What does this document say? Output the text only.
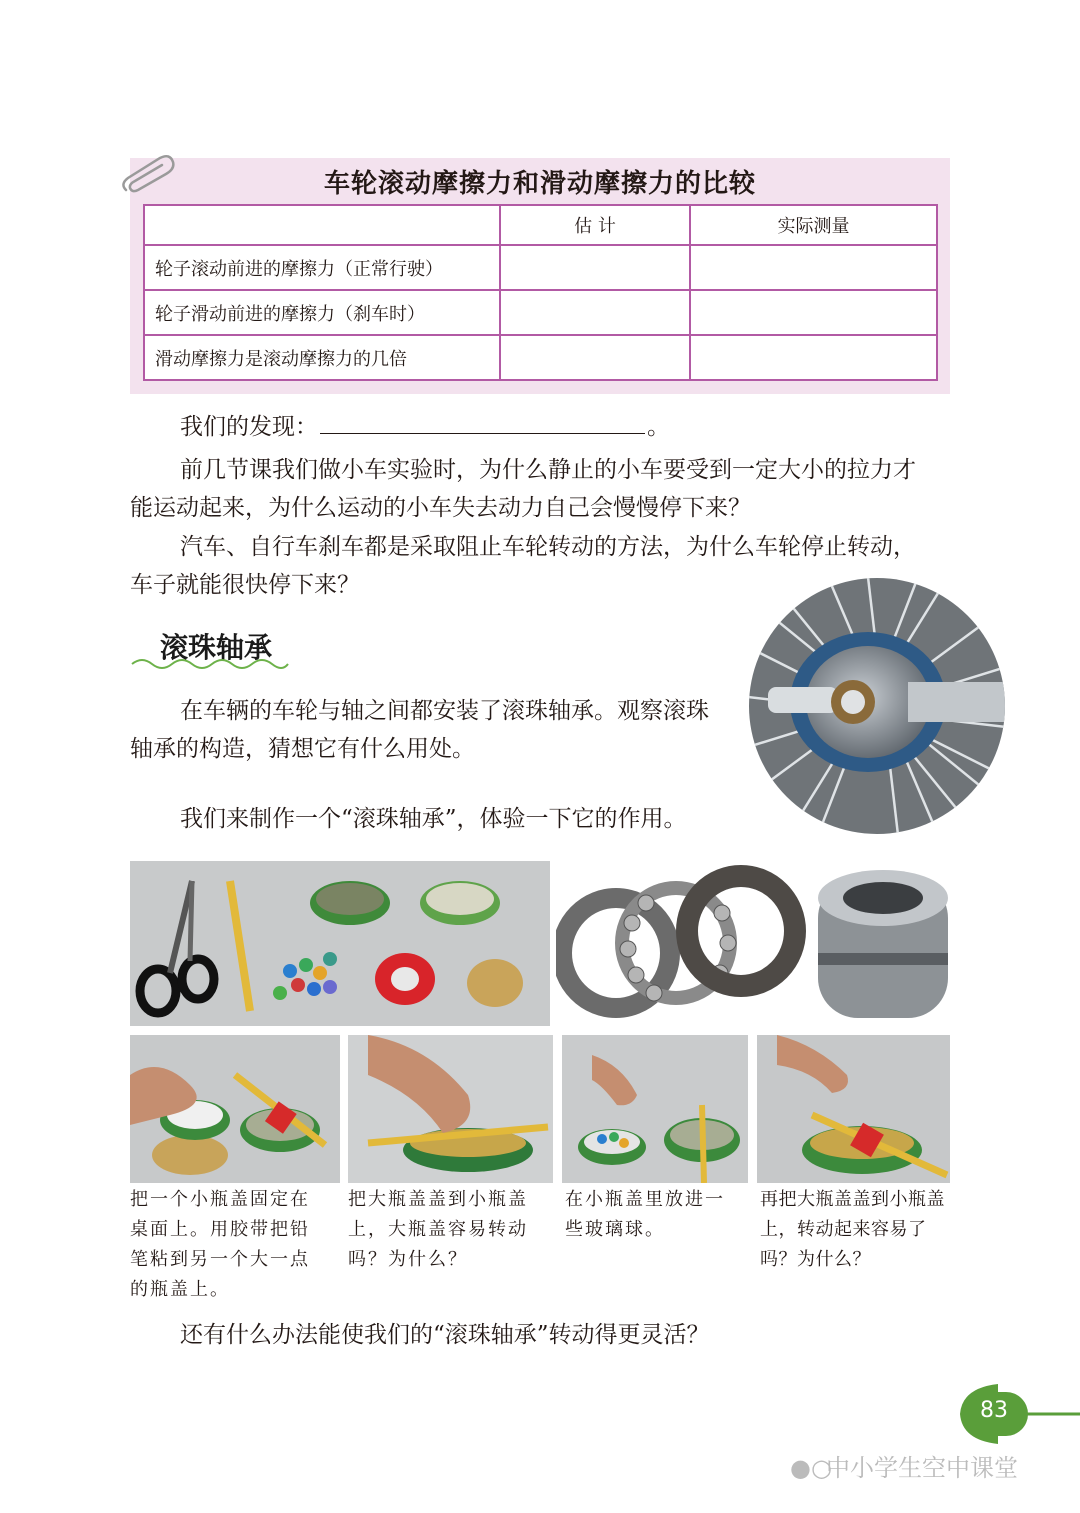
车轮滚动摩擦力和滑动摩擦力的比较
	估 计	实际测量
轮子滚动前进的摩擦力（正常行驶）		
轮子滑动前进的摩擦力（刹车时）		
滑动摩擦力是滚动摩擦力的几倍		
我们的发现：	。
前几节课我们做小车实验时，为什么静止的小车要受到一定大小的拉力才
能运动起来，为什么运动的小车失去动力自己会慢慢停下来？
汽车、自行车刹车都是采取阻止车轮转动的方法，为什么车轮停止转动，
车子就能很快停下来？
滚珠轴承
在车辆的车轮与轴之间都安装了滚珠轴承。观察滚珠
轴承的构造，猜想它有什么用处。
我们来制作一个“滚珠轴承”，体验一下它的作用。
把一个小瓶盖固定在
桌面上。用胶带把铅
笔粘到另一个大一点
的瓶盖上。
把大瓶盖盖到小瓶盖
上，大瓶盖容易转动
吗？为什么？
在小瓶盖里放进一
些玻璃球。
再把大瓶盖盖到小瓶盖
上，转动起来容易了
吗？为什么？
还有什么办法能使我们的“滚珠轴承”转动得更灵活？
83
●○中小学生空中课堂
